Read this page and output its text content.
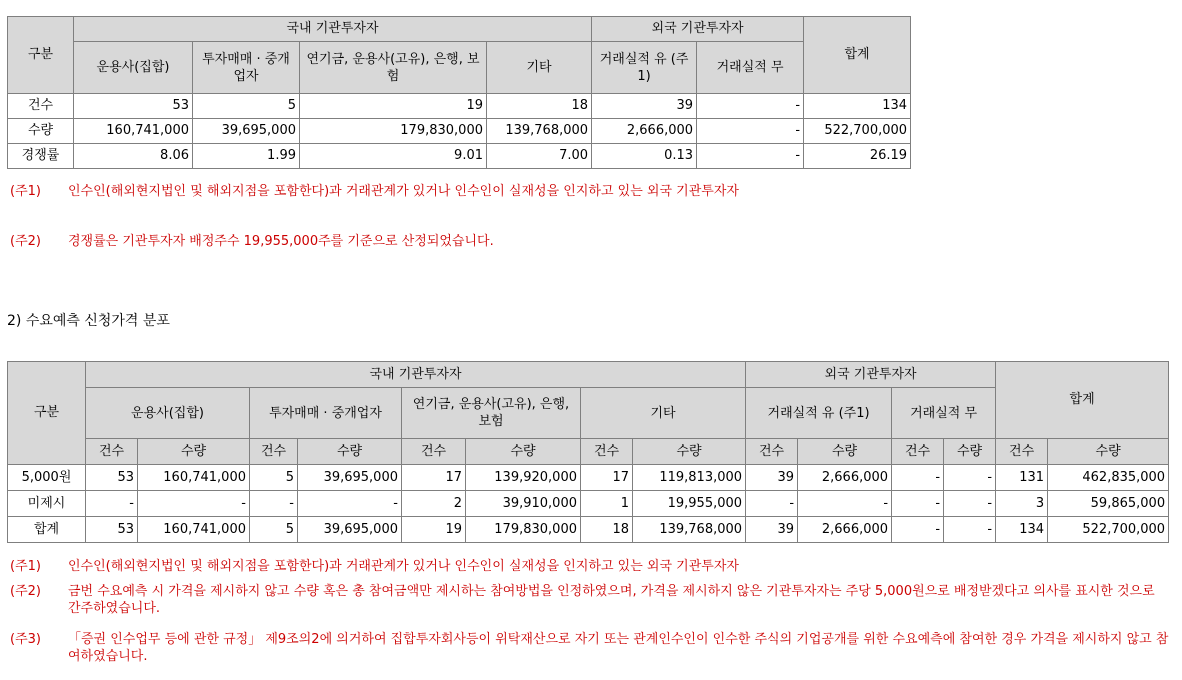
구분	국내 기관투자자				외국 기관투자자		합계
	운용사(집합)	투자매매 · 중개업자	연기금, 운용사(고유), 은행, 보험	기타	거래실적 유 (주1)	거래실적 무	
건수	53	5	19	18	39	-	134
수량	160,741,000	39,695,000	179,830,000	139,768,000	2,666,000	-	522,700,000
경쟁률	8.06	1.99	9.01	7.00	0.13	-	26.19
(주1) 인수인(해외현지법인 및 해외지점을 포함한다)과 거래관계가 있거나 인수인이 실재성을 인지하고 있는 외국 기관투자자
(주2) 경쟁률은 기관투자자 배정주수 19,955,000주를 기준으로 산정되었습니다.
2) 수요예측 신청가격 분포
구분	국내 기관투자자								외국 기관투자자				합계	
	운용사(집합)		투자매매 · 중개업자		연기금, 운용사(고유), 은행, 보험		기타		거래실적 유 (주1)		거래실적 무			
	건수	수량	건수	수량	건수	수량	건수	수량	건수	수량	건수	수량	건수	수량
5,000원	53	160,741,000	5	39,695,000	17	139,920,000	17	119,813,000	39	2,666,000	-	-	131	462,835,000
미제시	-	-	-	-	2	39,910,000	1	19,955,000	-	-	-	-	3	59,865,000
합계	53	160,741,000	5	39,695,000	19	179,830,000	18	139,768,000	39	2,666,000	-	-	134	522,700,000
(주1) 인수인(해외현지법인 및 해외지점을 포함한다)과 거래관계가 있거나 인수인이 실재성을 인지하고 있는 외국 기관투자자
(주2) 금번 수요예측 시 가격을 제시하지 않고 수량 혹은 총 참여금액만 제시하는 참여방법을 인정하였으며, 가격을 제시하지 않은 기관투자자는 주당 5,000원으로 배정받겠다고 의사를 표시한 것으로 간주하였습니다.
(주3) 「증권 인수업무 등에 관한 규정」 제9조의2에 의거하여 집합투자회사등이 위탁재산으로 자기 또는 관계인수인이 인수한 주식의 기업공개를 위한 수요예측에 참여한 경우 가격을 제시하지 않고 참여하였습니다.
